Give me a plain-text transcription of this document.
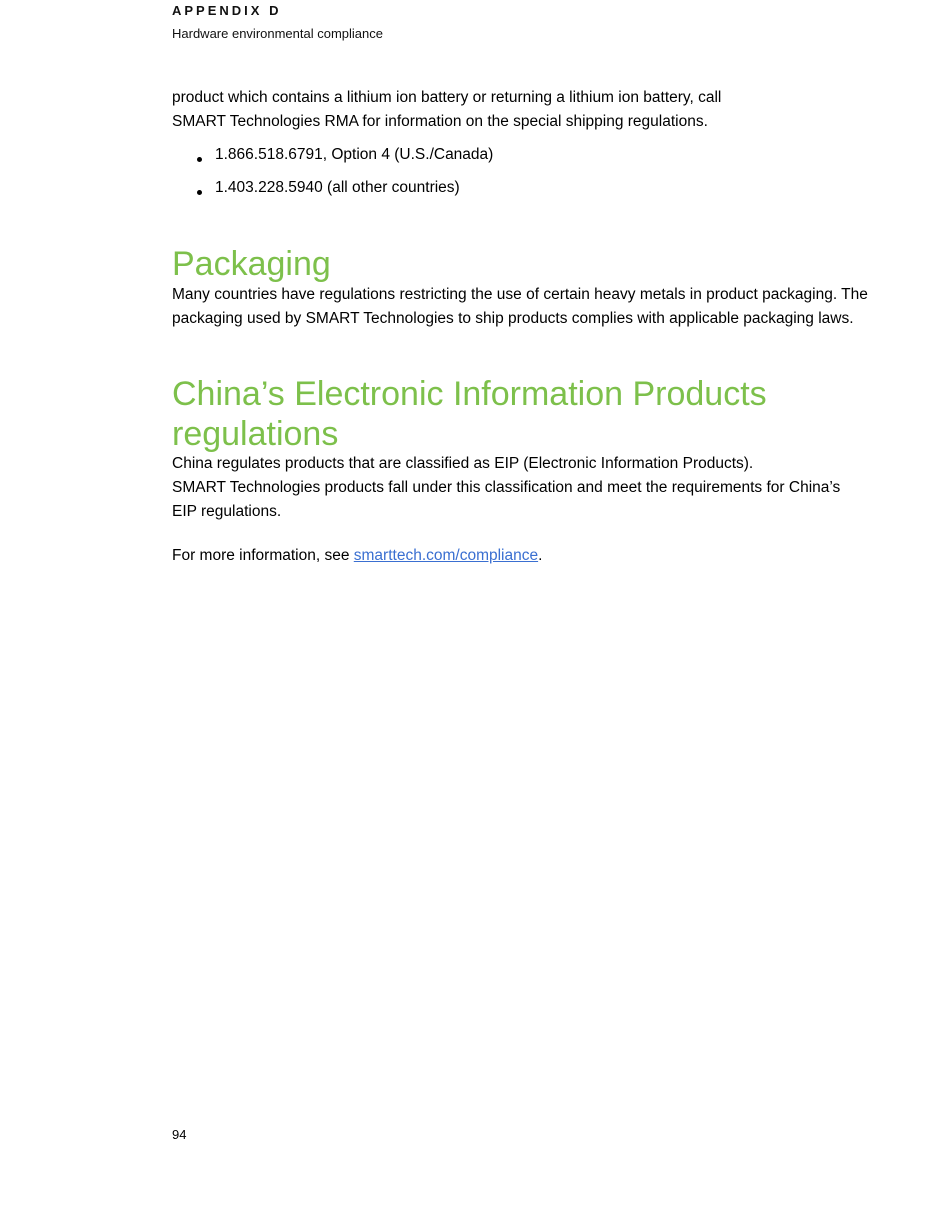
APPENDIX D
Hardware environmental compliance

product which contains a lithium ion battery or returning a lithium ion battery, call
SMART Technologies RMA for information on the special shipping regulations.

1.866.518.6791, Option 4 (U.S./Canada)
1.403.228.5940 (all other countries)
Packaging

Many countries have regulations restricting the use of certain heavy metals in product packaging. The packaging used by SMART Technologies to ship products complies with applicable packaging laws.

China’s Electronic Information Products regulations

China regulates products that are classified as EIP (Electronic Information Products).
SMART Technologies products fall under this classification and meet the requirements for China’s EIP regulations.

For more information, see smarttech.com/compliance.

94
